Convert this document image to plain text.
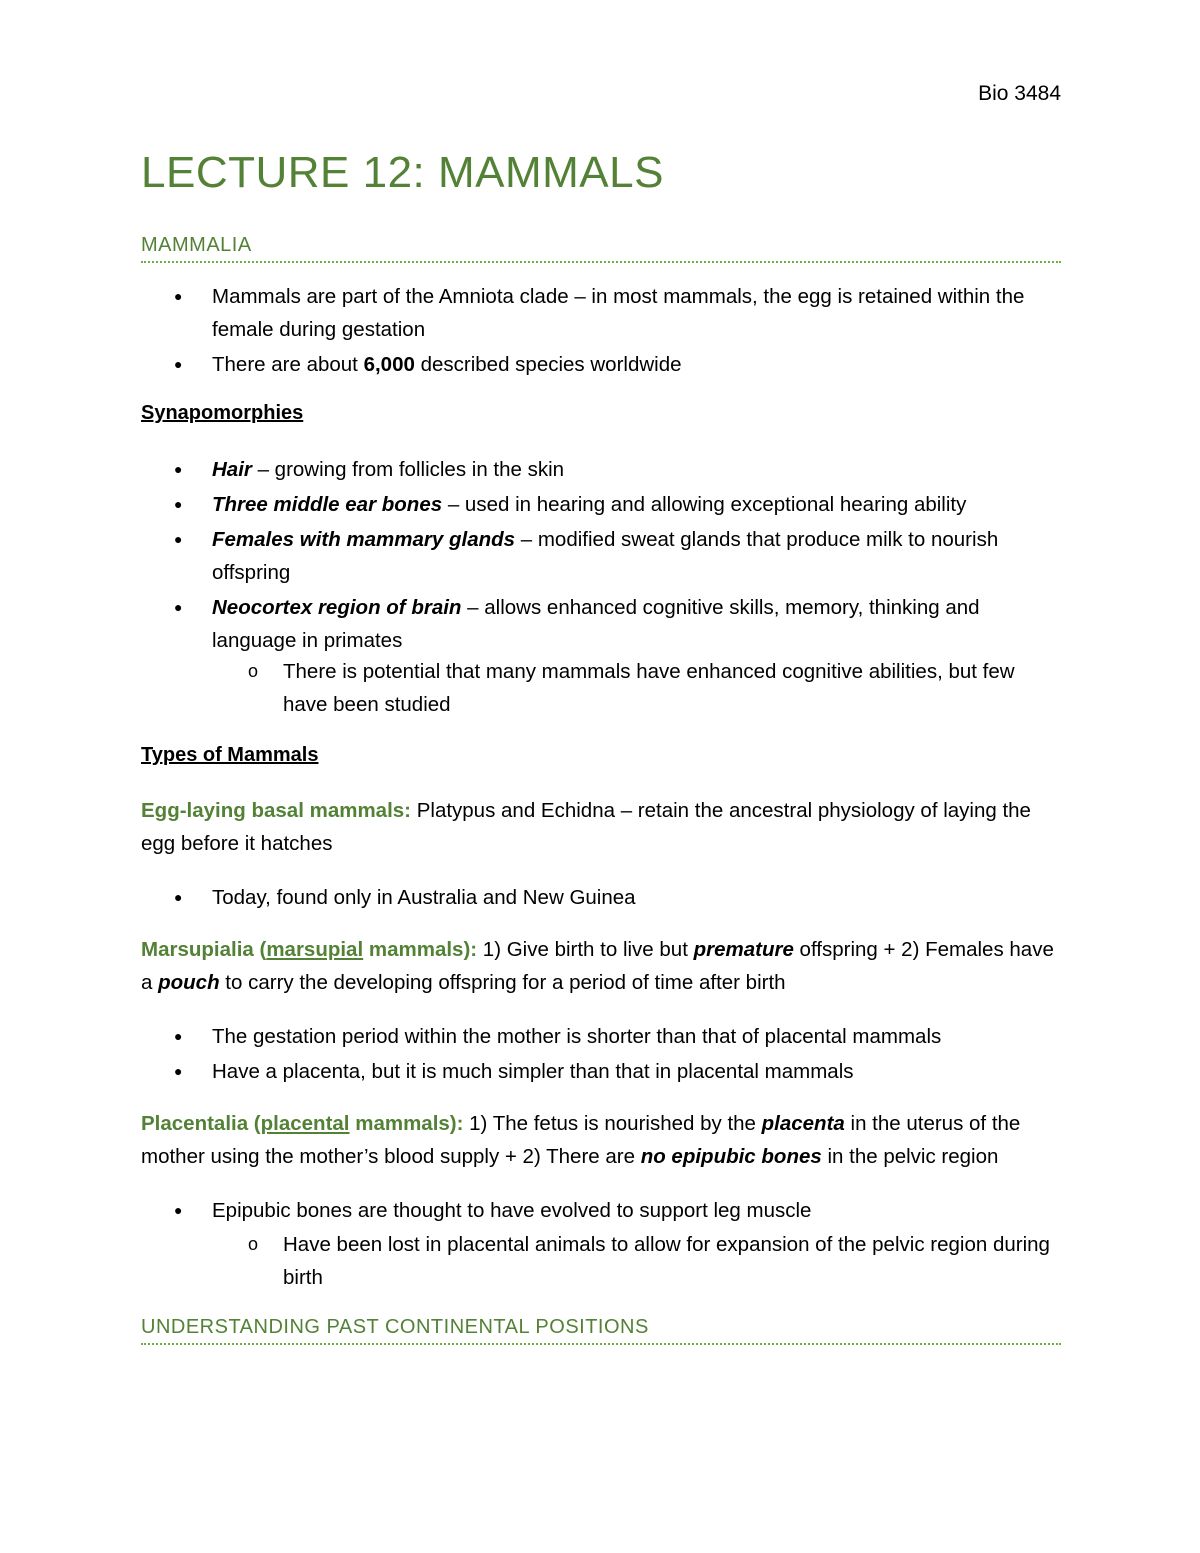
Bio 3484
LECTURE 12: MAMMALS
MAMMALIA
● Mammals are part of the Amniota clade – in most mammals, the egg is retained within the female during gestation
● There are about 6,000 described species worldwide
Synapomorphies
● Hair – growing from follicles in the skin
● Three middle ear bones – used in hearing and allowing exceptional hearing ability
● Females with mammary glands – modified sweat glands that produce milk to nourish offspring
● Neocortex region of brain – allows enhanced cognitive skills, memory, thinking and language in primates
o There is potential that many mammals have enhanced cognitive abilities, but few have been studied
Types of Mammals
Egg-laying basal mammals: Platypus and Echidna – retain the ancestral physiology of laying the egg before it hatches
● Today, found only in Australia and New Guinea
Marsupialia (marsupial mammals): 1) Give birth to live but premature offspring + 2) Females have a pouch to carry the developing offspring for a period of time after birth
● The gestation period within the mother is shorter than that of placental mammals
● Have a placenta, but it is much simpler than that in placental mammals
Placentalia (placental mammals): 1) The fetus is nourished by the placenta in the uterus of the mother using the mother’s blood supply + 2) There are no epipubic bones in the pelvic region
● Epipubic bones are thought to have evolved to support leg muscle
o Have been lost in placental animals to allow for expansion of the pelvic region during birth
UNDERSTANDING PAST CONTINENTAL POSITIONS
